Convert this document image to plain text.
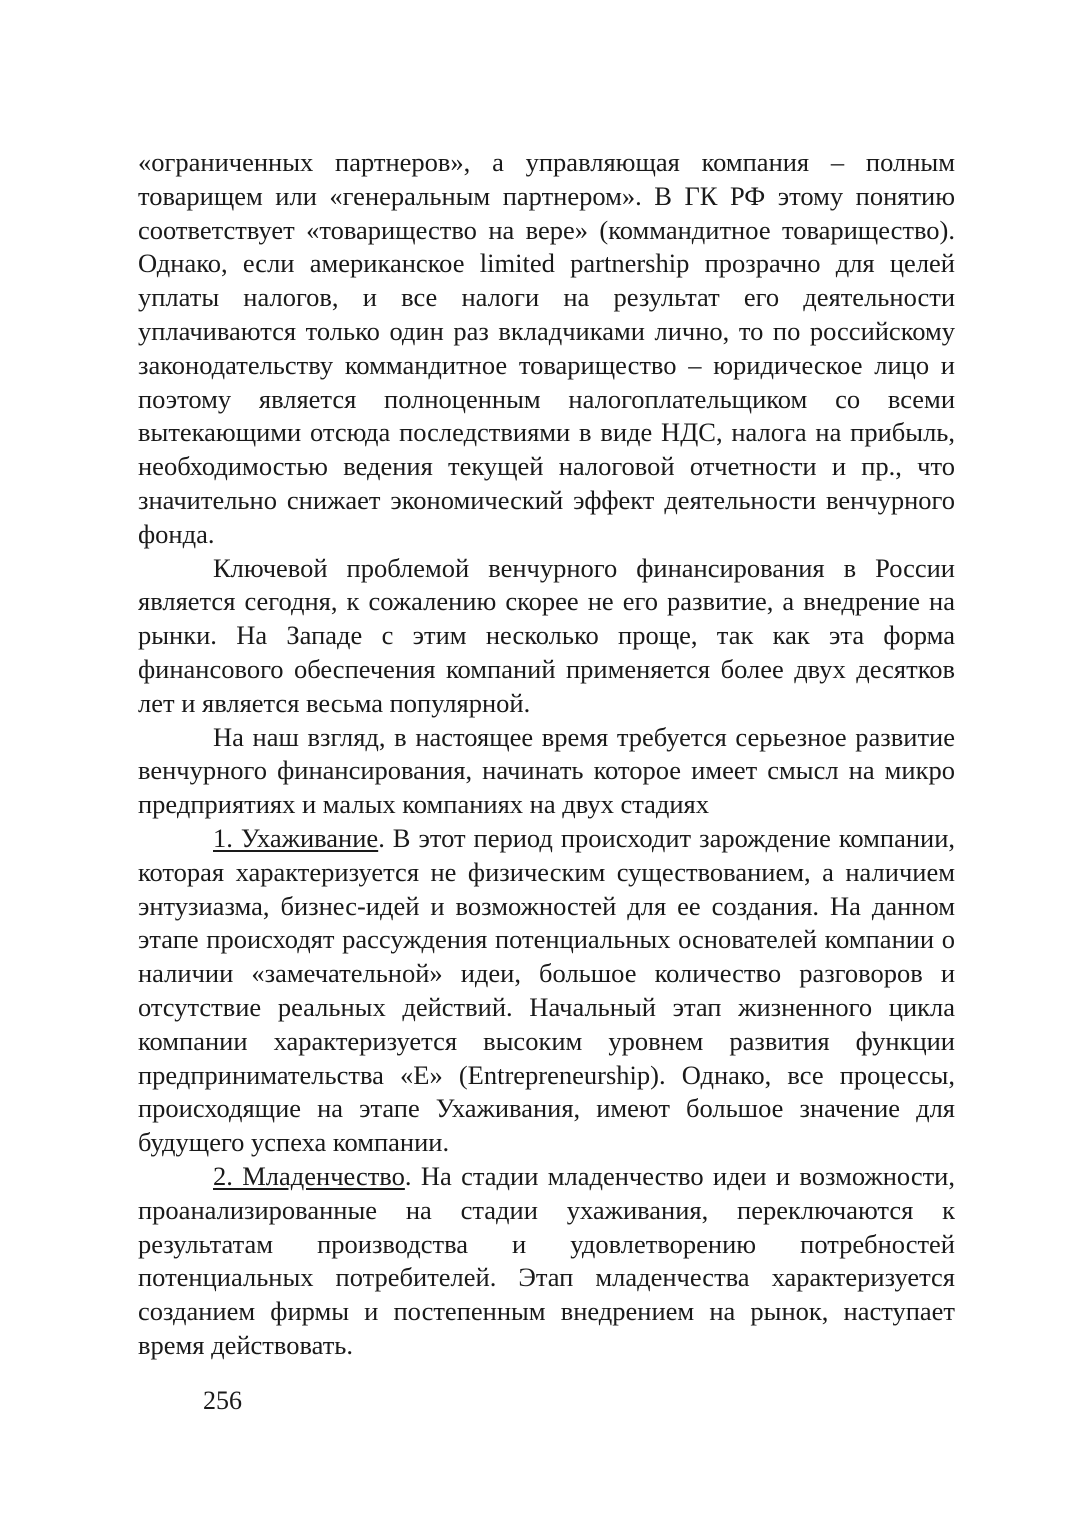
«ограниченных партнеров», а управляющая компания – полным товарищем или «генеральным партнером». В ГК РФ этому понятию соответствует «товарищество на вере» (коммандитное товарищество). Однако, если американское limited partnership прозрачно для целей уплаты налогов, и все налоги на результат его деятельности уплачиваются только один раз вкладчиками лично, то по российскому законодательству коммандитное товарищество – юридическое лицо и поэтому является полноценным налогоплательщиком со всеми вытекающими отсюда последствиями в виде НДС, налога на прибыль, необходимостью ведения текущей налоговой отчетности и пр., что значительно снижает экономический эффект деятельности венчурного фонда.

Ключевой проблемой венчурного финансирования в России является сегодня, к сожалению скорее не его развитие, а внедрение на рынки. На Западе с этим несколько проще, так как эта форма финансового обеспечения компаний применяется более двух десятков лет и является весьма популярной.

На наш взгляд, в настоящее время требуется серьезное развитие венчурного финансирования, начинать которое имеет смысл на микро предприятиях и малых компаниях на двух стадиях

1. Ухаживание. В этот период происходит зарождение компании, которая характеризуется не физическим существованием, а наличием энтузиазма, бизнес-идей и возможностей для ее создания. На данном этапе происходят рассуждения потенциальных основателей компании о наличии «замечательной» идеи, большое количество разговоров и отсутствие реальных действий. Начальный этап жизненного цикла компании характеризуется высоким уровнем развития функции предпринимательства «E» (Entrepreneurship). Однако, все процессы, происходящие на этапе Ухаживания, имеют большое значение для будущего успеха компании.

2. Младенчество. На стадии младенчество идеи и возможности, проанализированные на стадии ухаживания, переключаются к результатам производства и удовлетворению потребностей потенциальных потребителей. Этап младенчества характеризуется созданием фирмы и постепенным внедрением на рынок, наступает время действовать.

256
